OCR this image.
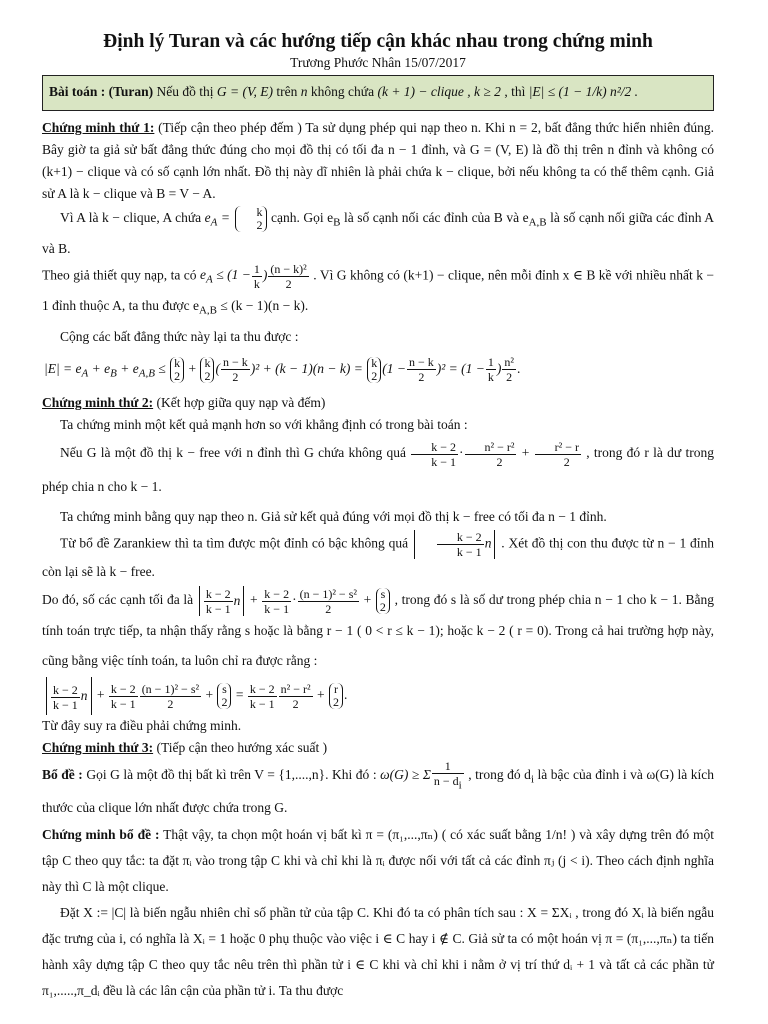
Định lý Turan và các hướng tiếp cận khác nhau trong chứng minh
Trương Phước Nhân 15/07/2017
Bài toán : (Turan) Nếu đồ thị G = (V, E) trên n không chứa (k + 1) − clique , k ≥ 2 , thì |E| ≤ (1 − 1/k) n²/2 .

Chứng minh thứ 1: (Tiếp cận theo phép đếm ) Ta sử dụng phép qui nạp theo n. Khi n = 2, bất đẳng thức hiển nhiên đúng. Bây giờ ta giả sử bất đẳng thức đúng cho mọi đồ thị có tối đa n − 1 đỉnh, và G = (V, E) là đồ thị trên n đỉnh và không có (k+1) − clique và có số cạnh lớn nhất. Đồ thị này dĩ nhiên là phải chứa k − clique, bởi nếu không ta có thể thêm cạnh. Giả sử A là k − clique và B = V − A.

Vì A là k − clique, A chứa $e_A$ =	k
2 cạnh. Gọi $e_B$ là số cạnh nối các đỉnh của B và $e_{A,B}$ là số cạnh nối giữa các đỉnh A và B.

Theo giả thiết quy nạp, ta có $e_A \le (1 - \frac{1}{k}$ ) $\frac{\text{(n − k)²}}{2}$ . Vì G không có (k+1) − clique, nên mỗi đỉnh x ∈ B kề với nhiều nhất k − 1 đỉnh thuộc A, ta thu được $e_{A,B} \le (k - 1)(n - k)$.

Cộng các bất đẳng thức này lại ta thu được :

$|E| = e_A + e_B + e_{A,B} \le k$
2 + k
2 ( $\frac{n - k}{2} )^2 + (k - 1)(n - k) = k$
2 $(1 - \frac{n - k}{2} )^2 = (1 - \frac{1}{k}$ ) $\frac{\text{n²}}{2}$ .

Chứng minh thứ 2: (Kết hợp giữa quy nạp và đếm)

Ta chứng minh một kết quả mạnh hơn so với khẳng định có trong bài toán :

Nếu G là một đồ thị k − free với n đỉnh thì G chứa không quá $\frac{k - 2}{k - 1} \cdot \frac{\text{n² − r²}}{2} + \frac{\text{r² − r}}{2}$ , trong đó r là dư trong phép chia n cho k − 1.

Ta chứng minh bằng quy nạp theo n. Giả sử kết quả đúng với mọi đồ thị k − free có tối đa n − 1 đỉnh.

Từ bổ đề Zarankiew thì ta tìm được một đỉnh có bậc không quá $\frac{k - 2}{k - 1}$ n . Xét đồ thị con thu được từ n − 1 đỉnh còn lại sẽ là k − free.

Do đó, số các cạnh tối đa là $\frac{k - 2}{k - 1}$ $n + \frac{k - 2}{k - 1} \cdot \frac{\text{(n − 1)² − s²}}{2} + s$
2 , trong đó s là số dư trong phép chia n − 1 cho k − 1. Bằng tính toán trực tiếp, ta nhận thấy rằng s hoặc là bằng r − 1 ( 0 < r ≤ k − 1); hoặc k − 2 ( r = 0). Trong cả hai trường hợp này, cũng bằng việc tính toán, ta luôn chỉ ra được rằng :

$\frac{k - 2}{k - 1}$ $n + \frac{k - 2}{k - 1} \frac{\text{(n − 1)² − s²}}{2} + s$
$2 = \frac{k - 2}{k - 1} \frac{\text{n² − r²}}{2} + r$
2 .

Từ đây suy ra điều phải chứng minh.

Chứng minh thứ 3: (Tiếp cận theo hướng xác suất )

Bổ đề : Gọi G là một đồ thị bất kì trên V = {1,....,n}. Khi đó : ω(G) ≥ Σ $\frac{1}{n - d_i}$ , trong đó $d_i$ là bậc của đỉnh i và ω(G) là kích thước của clique lớn nhất được chứa trong G.

Chứng minh bổ đề : Thật vậy, ta chọn một hoán vị bất kì π = (π₁,...,πₙ) ( có xác suất bằng 1/n! ) và xây dựng trên đó một tập C theo quy tắc: ta đặt πᵢ vào trong tập C khi và chỉ khi là πᵢ được nối với tất cả các đỉnh πⱼ (j < i). Theo cách định nghĩa này thì C là một clique.

Đặt X := |C| là biến ngẫu nhiên chỉ số phần tử của tập C. Khi đó ta có phân tích sau : X = ΣXᵢ , trong đó Xᵢ là biến ngẫu đặc trưng của i, có nghĩa là Xᵢ = 1 hoặc 0 phụ thuộc vào việc i ∈ C hay i ∉ C. Giả sử ta có một hoán vị π = (π₁,...,πₙ) ta tiến hành xây dựng tập C theo quy tắc nêu trên thì phần tử i ∈ C khi và chỉ khi i nằm ở vị trí thứ dᵢ + 1 và tất cả các phần tử π₁,.....,π_dᵢ đều là các lân cận của phần tử i. Ta thu được
